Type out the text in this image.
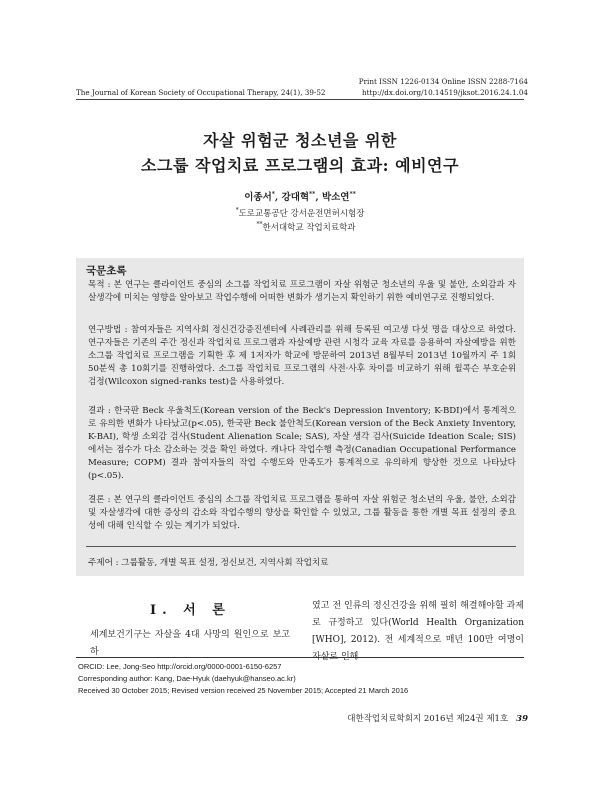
Print ISSN 1226-0134 Online ISSN 2288-7164
The Journal of Korean Society of Occupational Therapy, 24(1), 39-52	http://dx.doi.org/10.14519/jksot.2016.24.1.04
자살 위험군 청소년을 위한
소그룹 작업치료 프로그램의 효과: 예비연구
이종서*, 강대혁**, 박소연**
*도로교통공단 강서운전면허시험장
**한서대학교 작업치료학과
국문초록
목적 : 본 연구는 클라이언트 중심의 소그룹 작업치료 프로그램이 자살 위험군 청소년의 우울 및 불안, 소외감과 자살생각에 미치는 영향을 알아보고 작업수행에 어떠한 변화가 생기는지 확인하기 위한 예비연구로 진행되었다.
연구방법 : 참여자들은 지역사회 정신건강증진센터에 사례관리를 위해 등록된 여고생 다섯 명을 대상으로 하였다. 연구자들은 기존의 주간 정신과 작업치료 프로그램과 자살예방 관련 시청각 교육 자료를 응용하여 자살예방을 위한 소그룹 작업치료 프로그램을 기획한 후 제 1저자가 학교에 방문하여 2013년 8월부터 2013년 10월까지 주 1회 50분씩 총 10회기를 진행하였다. 소그룹 작업치료 프로그램의 사전·사후 차이를 비교하기 위해 윌콕슨 부호순위 검정(Wilcoxon signed-ranks test)을 사용하였다.
결과 : 한국판 Beck 우울척도(Korean version of the Beck's Depression Inventory; K-BDI)에서 통계적으로 유의한 변화가 나타났고(p<.05), 한국판 Beck 불안척도(Korean version of the Beck Anxiety Inventory, K-BAI), 학생 소외감 검사(Student Alienation Scale; SAS), 자살 생각 검사(Suicide Ideation Scale; SIS)에서는 점수가 다소 감소하는 것을 확인 하였다. 캐나다 작업수행 측정(Canadian Occupational Performance Measure; COPM) 결과 참여자들의 작업 수행도와 만족도가 통계적으로 유의하게 향상한 것으로 나타났다(p<.05).
결론 : 본 연구의 클라이언트 중심의 소그룹 작업치료 프로그램을 통하여 자살 위험군 청소년의 우울, 불안, 소외감 및 자살생각에 대한 증상의 감소와 작업수행의 향상을 확인할 수 있었고, 그룹 활동을 통한 개별 목표 설정의 중요성에 대해 인식할 수 있는 계기가 되었다.
주제어 : 그룹활동, 개별 목표 설정, 정신보건, 지역사회 작업치료
Ⅰ. 서 론
세계보건기구는 자살을 4대 사망의 원인으로 보고하
였고 전 인류의 정신건강을 위해 필히 해결해야할 과제로 규정하고 있다(World Health Organization [WHO], 2012). 전 세계적으로 매년 100만 여명이 자살로 인해
ORCID: Lee, Jong-Seo http://orcid.org/0000-0001-6150-6257
Corresponding author: Kang, Dae-Hyuk (daehyuk@hanseo.ac.kr)
Received 30 October 2015; Revised version received 25 November 2015; Accepted 21 March 2016
대한작업치료학회지 2016년 제24권 제1호 39
